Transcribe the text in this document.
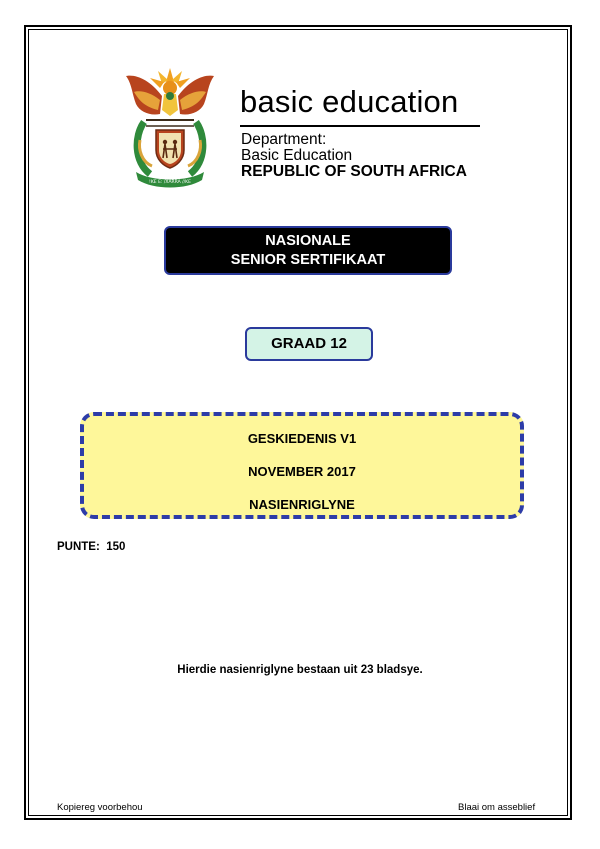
!KE E: /XARRA //KE
basic education
Department:
Basic Education
REPUBLIC OF SOUTH AFRICA
NASIONALE
SENIOR SERTIFIKAAT
GRAAD 12
GESKIEDENIS V1
NOVEMBER 2017
NASIENRIGLYNE
PUNTE:  150
Hierdie nasienriglyne bestaan uit 23 bladsye.
Kopiereg voorbehou	Blaai om asseblief
